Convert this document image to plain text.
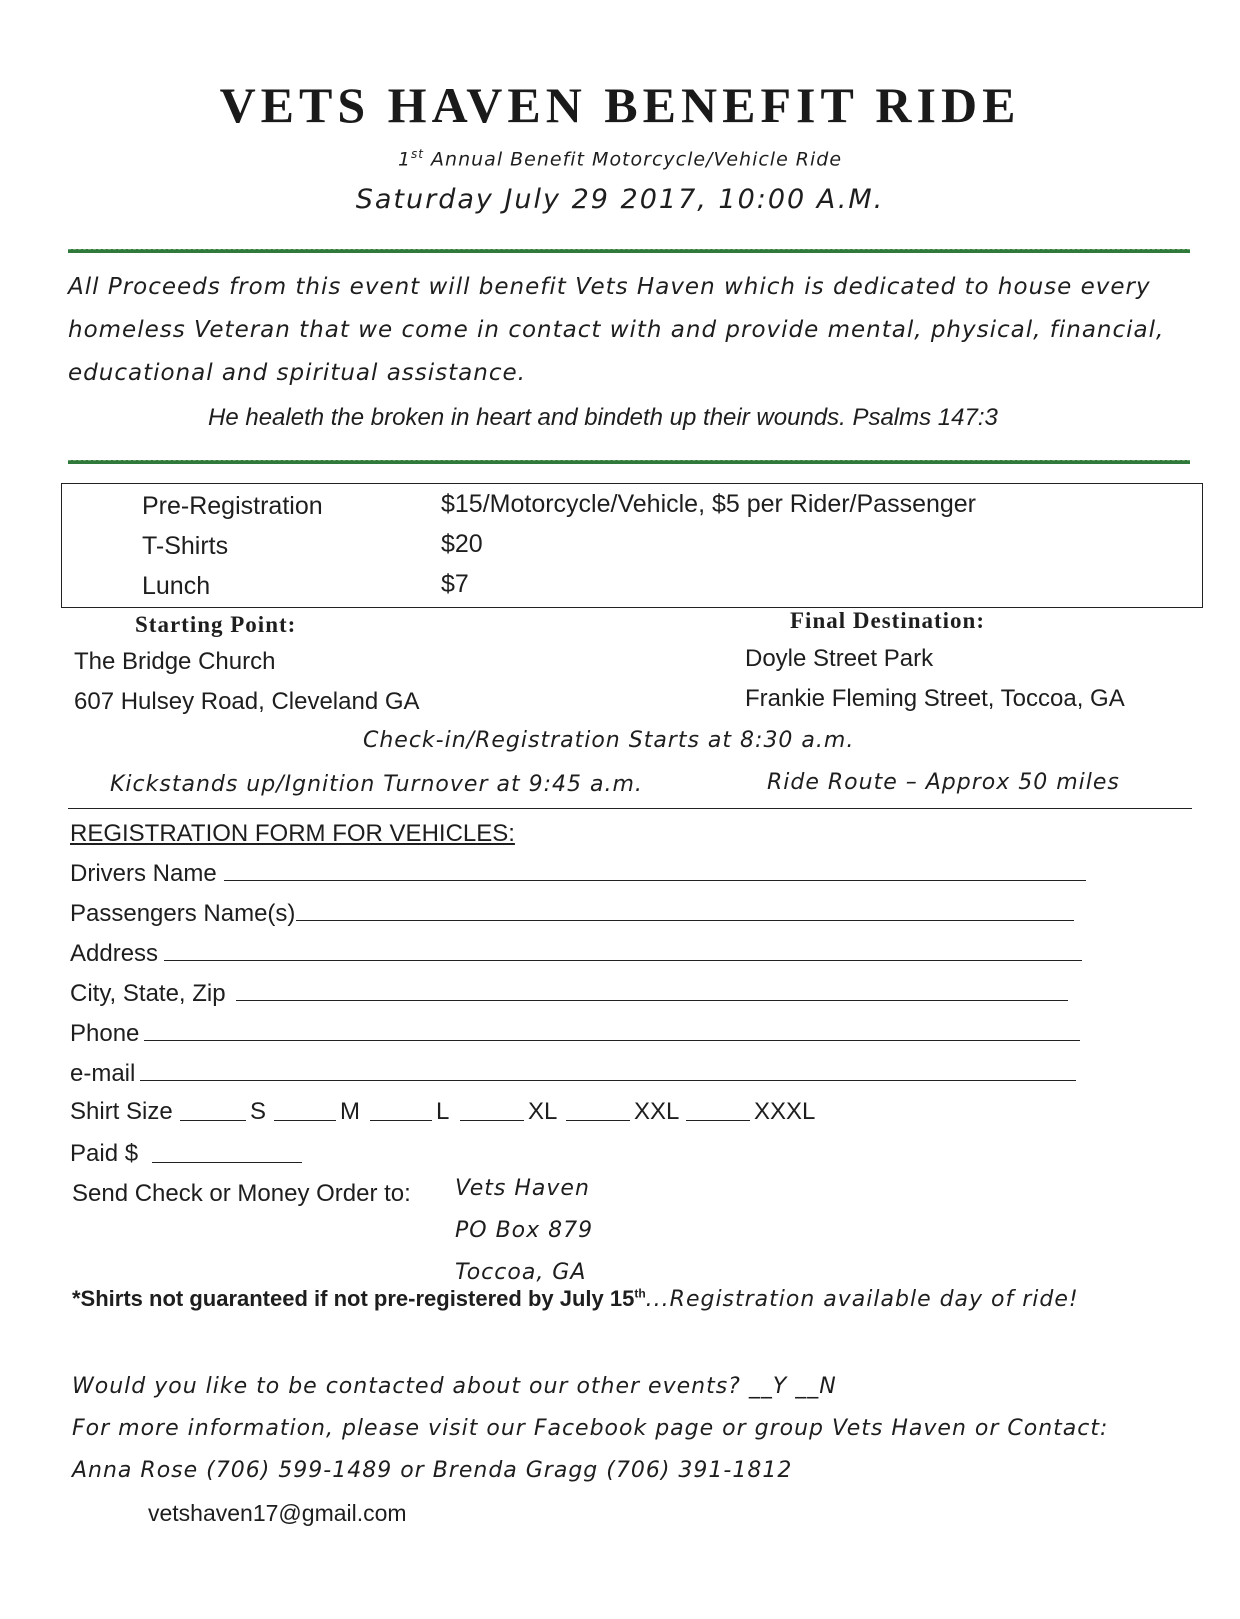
VETS HAVEN BENEFIT RIDE
1st Annual Benefit Motorcycle/Vehicle Ride
Saturday July 29 2017, 10:00 A.M.
All Proceeds from this event will benefit Vets Haven which is dedicated to house every
homeless Veteran that we come in contact with and provide mental, physical, financial,
educational and spiritual assistance.
He healeth the broken in heart and bindeth up their wounds. Psalms 147:3
Pre-Registration	$15/Motorcycle/Vehicle, $5 per Rider/Passenger
T-Shirts	$20
Lunch	$7
Starting Point:
The Bridge Church
607 Hulsey Road, Cleveland GA
Final Destination:
Doyle Street Park
Frankie Fleming Street, Toccoa, GA
Check-in/Registration Starts at 8:30 a.m.
Kickstands up/Ignition Turnover at 9:45 a.m.	Ride Route – Approx 50 miles
REGISTRATION FORM FOR VEHICLES:
Drivers Name
Passengers Name(s)
Address
City, State, Zip
Phone
e-mail
Shirt Size	S	M	L	XL	XXL	XXXL
Paid $
Send Check or Money Order to: Vets Haven
PO Box 879
Toccoa, GA
*Shirts not guaranteed if not pre-registered by July 15th...Registration available day of ride!
Would you like to be contacted about our other events? __Y __N
For more information, please visit our Facebook page or group Vets Haven or Contact:
Anna Rose (706) 599-1489 or Brenda Gragg (706) 391-1812
vetshaven17@gmail.com
